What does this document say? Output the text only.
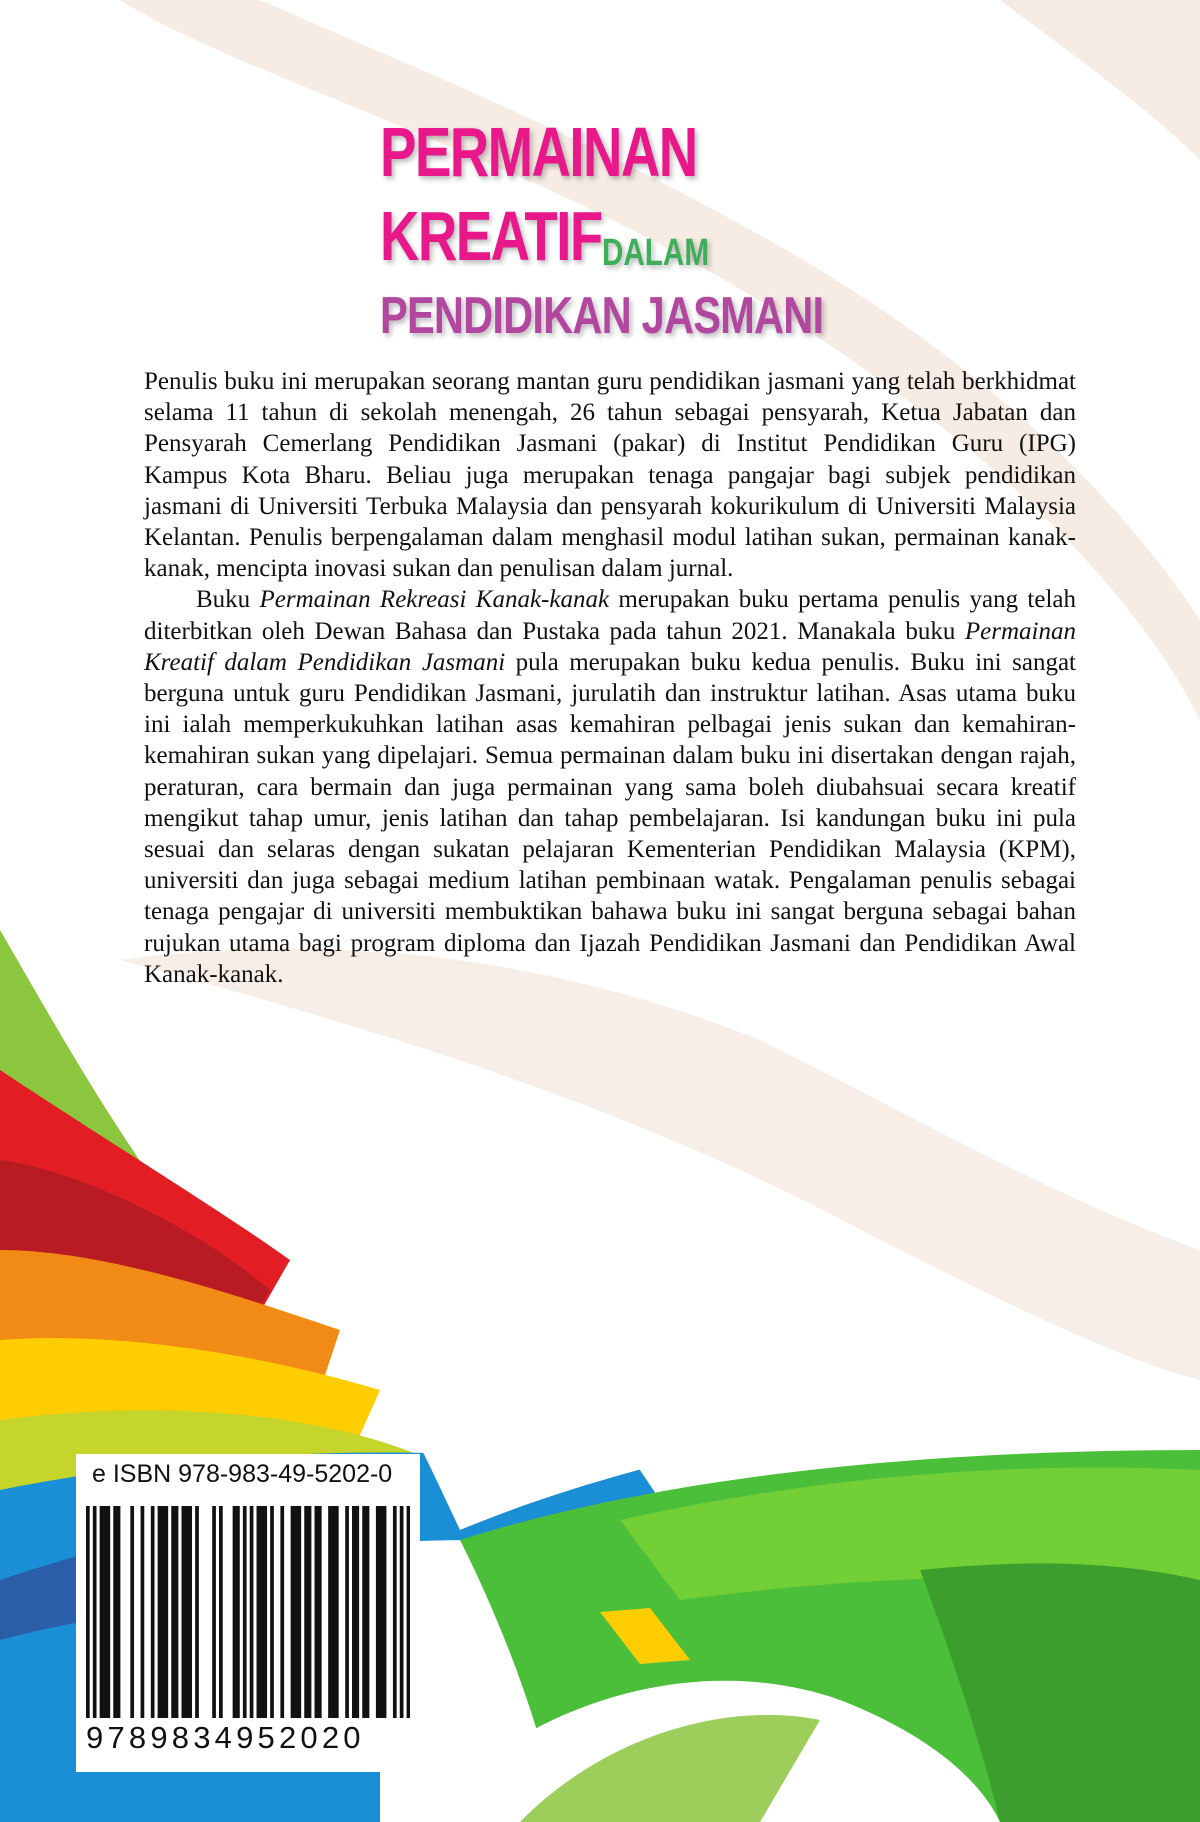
PERMAINAN
KREATIF DALAM
PENDIDIKAN JASMANI

Penulis buku ini merupakan seorang mantan guru pendidikan jasmani yang telah berkhidmat selama 11 tahun di sekolah menengah, 26 tahun sebagai pensyarah, Ketua Jabatan dan Pensyarah Cemerlang Pendidikan Jasmani (pakar) di Institut Pendidikan Guru (IPG) Kampus Kota Bharu. Beliau juga merupakan tenaga pangajar bagi subjek pendidikan jasmani di Universiti Terbuka Malaysia dan pensyarah kokurikulum di Universiti Malaysia Kelantan. Penulis berpengalaman dalam menghasil modul latihan sukan, permainan kanak-kanak, mencipta inovasi sukan dan penulisan dalam jurnal.

Buku Permainan Rekreasi Kanak-kanak merupakan buku pertama penulis yang telah diterbitkan oleh Dewan Bahasa dan Pustaka pada tahun 2021. Manakala buku Permainan Kreatif dalam Pendidikan Jasmani pula merupakan buku kedua penulis. Buku ini sangat berguna untuk guru Pendidikan Jasmani, jurulatih dan instruktur latihan. Asas utama buku ini ialah memperkukuhkan latihan asas kemahiran pelbagai jenis sukan dan kemahiran-kemahiran sukan yang dipelajari. Semua permainan dalam buku ini disertakan dengan rajah, peraturan, cara bermain dan juga permainan yang sama boleh diubahsuai secara kreatif mengikut tahap umur, jenis latihan dan tahap pembelajaran. Isi kandungan buku ini pula sesuai dan selaras dengan sukatan pelajaran Kementerian Pendidikan Malaysia (KPM), universiti dan juga sebagai medium latihan pembinaan watak. Pengalaman penulis sebagai tenaga pengajar di universiti membuktikan bahawa buku ini sangat berguna sebagai bahan rujukan utama bagi program diploma dan Ijazah Pendidikan Jasmani dan Pendidikan Awal Kanak-kanak.

e ISBN 978-983-49-5202-0
9789834952020
